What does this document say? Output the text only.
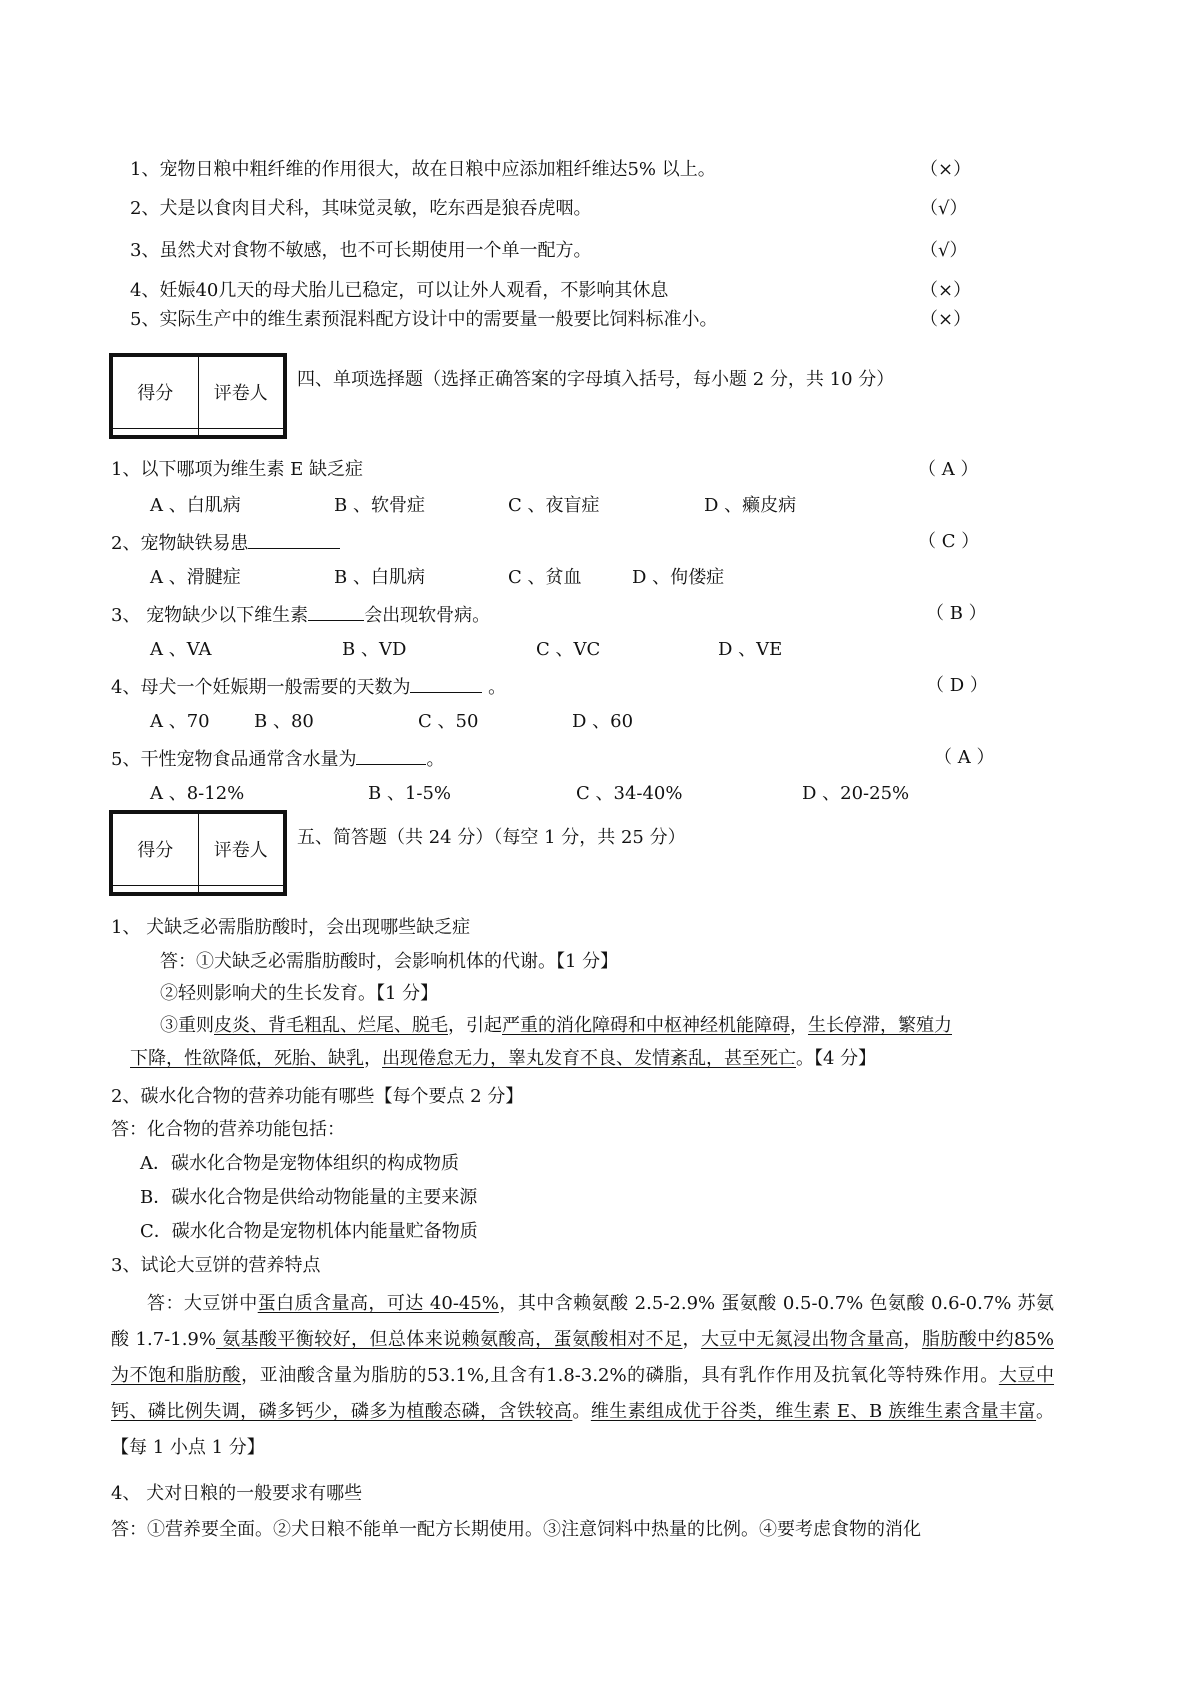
1、宠物日粮中粗纤维的作用很大，故在日粮中应添加粗纤维达5% 以上。	（×）
2、犬是以食肉目犬科，其味觉灵敏，吃东西是狼吞虎咽。	（√）
3、虽然犬对食物不敏感，也不可长期使用一个单一配方。	（√）
4、妊娠40几天的母犬胎儿已稳定，可以让外人观看，不影响其休息	（×）
5、实际生产中的维生素预混料配方设计中的需要量一般要比饲料标准小。	（×）
得分	评卷人

四、单项选择题（选择正确答案的字母填入括号，每小题 2 分，共 10 分）
1、以下哪项为维生素 E 缺乏症	（ A ）
A 、白肌病	B 、软骨症	C 、夜盲症	D 、癞皮病
2、宠物缺铁易患	（ C ）
A 、滑腱症	B 、白肌病	C 、贫血	D 、佝偻症
3、 宠物缺少以下维生素	会出现软骨病。	（ B ）
A 、VA	B 、VD	C 、VC	D 、VE
4、母犬一个妊娠期一般需要的天数为	。	（ D ）
A 、70 B 、80	C 、50	D 、60
5、干性宠物食品通常含水量为	。	（ A ）
A 、8-12%	B 、1-5%	C 、34-40%	D 、20-25%
得分	评卷人

五、简答题（共 24 分）（每空 1 分，共 25 分）
1、 犬缺乏必需脂肪酸时，会出现哪些缺乏症
答：①犬缺乏必需脂肪酸时，会影响机体的代谢。【1 分】
②轻则影响犬的生长发育。【1 分】
③重则皮炎、背毛粗乱、烂尾、脱毛，引起严重的消化障碍和中枢神经机能障碍，生长停滞，繁殖力
下降，性欲降低，死胎、缺乳，出现倦怠无力，睾丸发育不良、发情紊乱，甚至死亡。【4 分】
2、碳水化合物的营养功能有哪些【每个要点 2 分】
答：化合物的营养功能包括：
A．碳水化合物是宠物体组织的构成物质
B．碳水化合物是供给动物能量的主要来源
C．碳水化合物是宠物机体内能量贮备物质
3、试论大豆饼的营养特点
答：大豆饼中蛋白质含量高，可达 40-45%，其中含赖氨酸 2.5-2.9% 蛋氨酸 0.5-0.7% 色氨酸 0.6-0.7% 苏氨酸 1.7-1.9% 氨基酸平衡较好，但总体来说赖氨酸高，蛋氨酸相对不足，大豆中无氮浸出物含量高，脂肪酸中约85% 为不饱和脂肪酸，亚油酸含量为脂肪的53.1%,且含有1.8-3.2%的磷脂，具有乳作作用及抗氧化等特殊作用。大豆中钙、磷比例失调，磷多钙少，磷多为植酸态磷，含铁较高。维生素组成优于谷类，维生素 E、B 族维生素含量丰富。【每 1 小点 1 分】
4、 犬对日粮的一般要求有哪些
答：①营养要全面。②犬日粮不能单一配方长期使用。③注意饲料中热量的比例。④要考虑食物的消化
